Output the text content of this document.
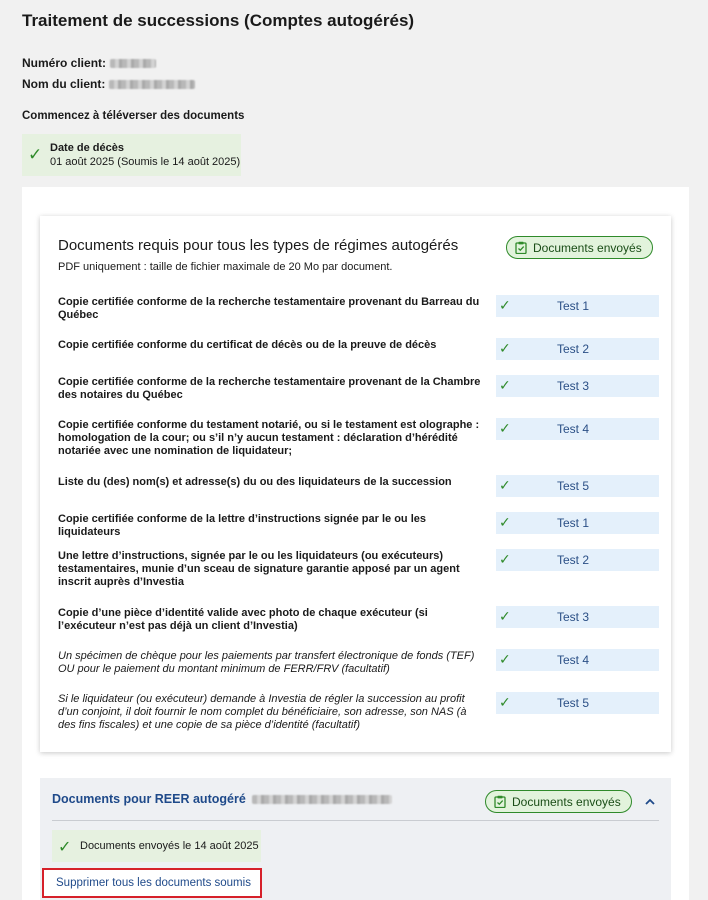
Traitement de successions (Comptes autogérés)
Numéro client:
Nom du client:
Commencez à téléverser des documents
✓ Date de décès
01 août 2025 (Soumis le 14 août 2025)
Documents requis pour tous les types de régimes autogérés
PDF uniquement : taille de fichier maximale de 20 Mo par document.
Documents envoyés
Copie certifiée conforme de la recherche testamentaire provenant du Barreau du Québec
✓	Test 1
Copie certifiée conforme du certificat de décès ou de la preuve de décès	✓	Test 2
Copie certifiée conforme de la recherche testamentaire provenant de la Chambre des notaires du Québec
✓	Test 3
Copie certifiée conforme du testament notarié, ou si le testament est olographe : homologation de la cour; ou s’il n’y aucun testament : déclaration d’hérédité notariée avec une nomination de liquidateur;
✓	Test 4
Liste du (des) nom(s) et adresse(s) du ou des liquidateurs de la succession	✓	Test 5
Copie certifiée conforme de la lettre d’instructions signée par le ou les liquidateurs
✓	Test 1
Une lettre d’instructions, signée par le ou les liquidateurs (ou exécuteurs) testamentaires, munie d’un sceau de signature garantie apposé par un agent inscrit auprès d’Investia
✓	Test 2
Copie d’une pièce d’identité valide avec photo de chaque exécuteur (si l’exécuteur n’est pas déjà un client d’Investia)
✓	Test 3
Un spécimen de chèque pour les paiements par transfert électronique de fonds (TEF) OU pour le paiement du montant minimum de FERR/FRV (facultatif)
✓	Test 4
Si le liquidateur (ou exécuteur) demande à Investia de régler la succession au profit d’un conjoint, il doit fournir le nom complet du bénéficiaire, son adresse, son NAS (à des fins fiscales) et une copie de sa pièce d’identité (facultatif)
✓	Test 5
Documents pour REER autogéré	Documents envoyés
✓ Documents envoyés le 14 août 2025
Supprimer tous les documents soumis
